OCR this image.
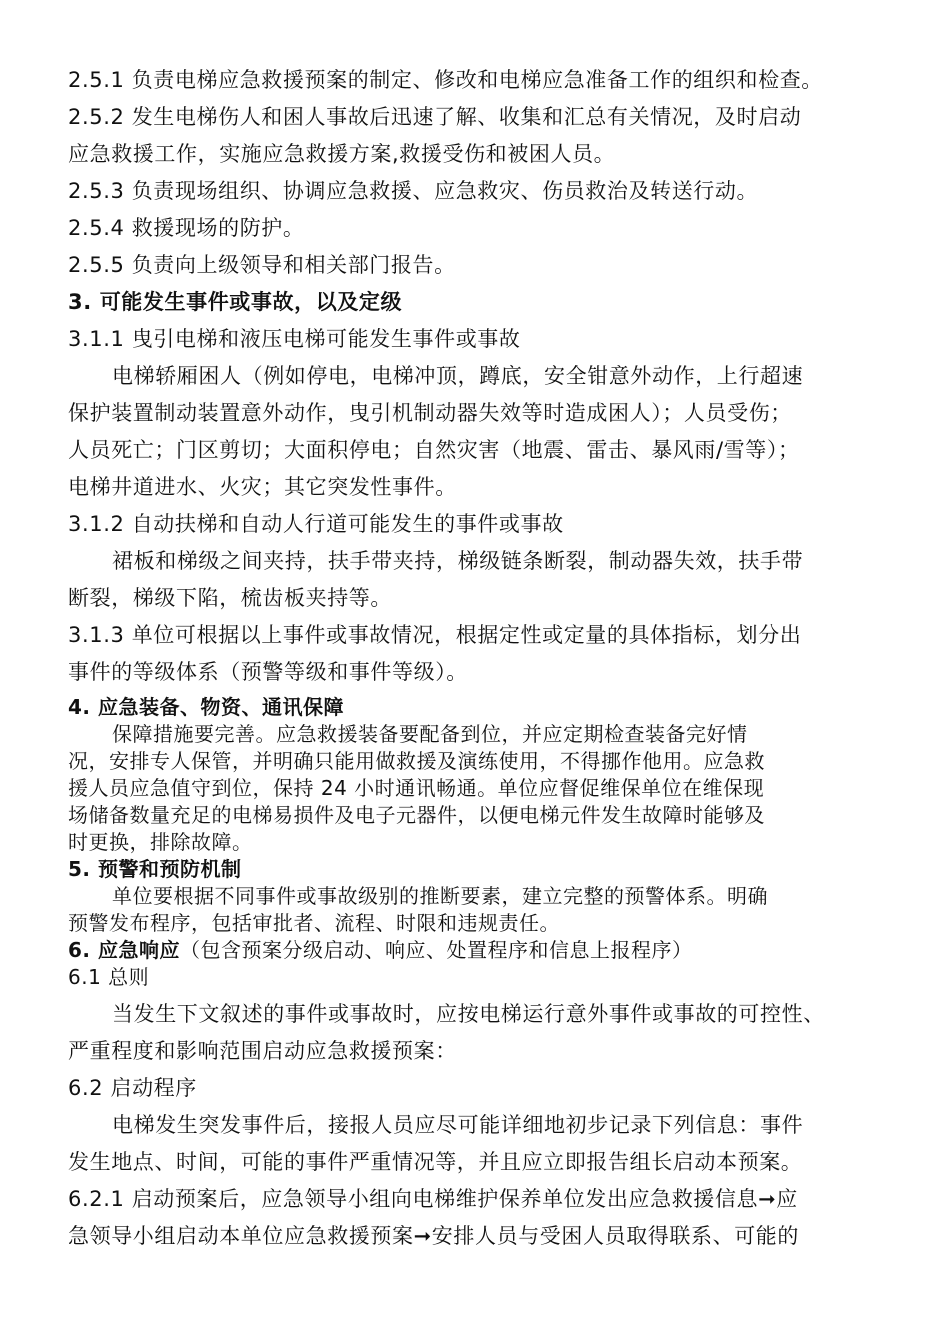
2.5.1 负责电梯应急救援预案的制定、修改和电梯应急准备工作的组织和检查。
2.5.2 发生电梯伤人和困人事故后迅速了解、收集和汇总有关情况，及时启动
应急救援工作，实施应急救援方案,救援受伤和被困人员。
2.5.3 负责现场组织、协调应急救援、应急救灾、伤员救治及转送行动。
2.5.4 救援现场的防护。
2.5.5 负责向上级领导和相关部门报告。
3. 可能发生事件或事故，以及定级
3.1.1 曳引电梯和液压电梯可能发生事件或事故
电梯轿厢困人（例如停电，电梯冲顶，蹲底，安全钳意外动作，上行超速
保护装置制动装置意外动作，曳引机制动器失效等时造成困人）；人员受伤；
人员死亡；门区剪切；大面积停电；自然灾害（地震、雷击、暴风雨/雪等）；
电梯井道进水、火灾；其它突发性事件。
3.1.2 自动扶梯和自动人行道可能发生的事件或事故
裙板和梯级之间夹持，扶手带夹持，梯级链条断裂，制动器失效，扶手带
断裂，梯级下陷，梳齿板夹持等。
3.1.3 单位可根据以上事件或事故情况，根据定性或定量的具体指标，划分出
事件的等级体系（预警等级和事件等级）。
4. 应急装备、物资、通讯保障
保障措施要完善。应急救援装备要配备到位，并应定期检查装备完好情
况，安排专人保管，并明确只能用做救援及演练使用，不得挪作他用。应急救
援人员应急值守到位，保持 24 小时通讯畅通。单位应督促维保单位在维保现
场储备数量充足的电梯易损件及电子元器件，以便电梯元件发生故障时能够及
时更换，排除故障。
5. 预警和预防机制
单位要根据不同事件或事故级别的推断要素，建立完整的预警体系。明确
预警发布程序，包括审批者、流程、时限和违规责任。
6. 应急响应（包含预案分级启动、响应、处置程序和信息上报程序）
6.1 总则
当发生下文叙述的事件或事故时，应按电梯运行意外事件或事故的可控性、
严重程度和影响范围启动应急救援预案：
6.2 启动程序
电梯发生突发事件后，接报人员应尽可能详细地初步记录下列信息：事件
发生地点、时间，可能的事件严重情况等，并且应立即报告组长启动本预案。
6.2.1 启动预案后，应急领导小组向电梯维护保养单位发出应急救援信息➞应
急领导小组启动本单位应急救援预案➞安排人员与受困人员取得联系、可能的
